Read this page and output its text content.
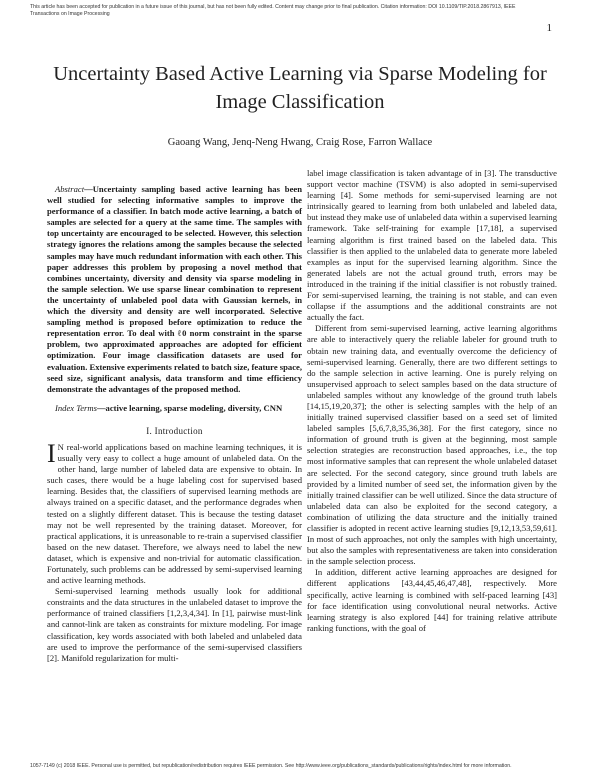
This article has been accepted for publication in a future issue of this journal, but has not been fully edited. Content may change prior to final publication. Citation information: DOI 10.1109/TIP.2018.2867913, IEEE
Transactions on Image Processing
1
Uncertainty Based Active Learning via Sparse Modeling for Image Classification
Gaoang Wang, Jenq-Neng Hwang, Craig Rose, Farron Wallace

Abstract—Uncertainty sampling based active learning has been well studied for selecting informative samples to improve the performance of a classifier. In batch mode active learning, a batch of samples are selected for a query at the same time. The samples with top uncertainty are encouraged to be selected. However, this selection strategy ignores the relations among the samples because the selected samples may have much redundant information with each other. This paper addresses this problem by proposing a novel method that combines uncertainty, diversity and density via sparse modeling in the sample selection. We use sparse linear combination to represent the uncertainty of unlabeled pool data with Gaussian kernels, in which the diversity and density are well incorporated. Selective sampling method is proposed before optimization to reduce the representation error. To deal with ℓ0 norm constraint in the sparse problem, two approximated approaches are adopted for efficient optimization. Four image classification datasets are used for evaluation. Extensive experiments related to batch size, feature space, seed size, significant analysis, data transform and time efficiency demonstrate the advantages of the proposed method.

Index Terms—active learning, sparse modeling, diversity, CNN

I. Introduction

I N real-world applications based on machine learning techniques, it is usually very easy to collect a huge amount of unlabeled data. On the other hand, large number of labeled data are expensive to obtain. In such cases, there would be a huge labeling cost for supervised based learning. Besides that, the classifiers of supervised learning methods are always trained on a specific dataset, and the performance degrades when tested on a slightly different dataset. This is because the testing dataset may not be well represented by the training dataset. Moreover, for practical applications, it is unreasonable to re-train a supervised classifier based on the new dataset. Therefore, we always need to label the new dataset, which is expensive and non-trivial for automatic classification. Fortunately, such problems can be addressed by semi-supervised learning and active learning methods.

Semi-supervised learning methods usually look for additional constraints and the data structures in the unlabeled dataset to improve the performance of trained classifiers [1,2,3,4,34]. In [1], pairwise must-link and cannot-link are taken as constraints for mixture modeling. For image classification, key words associated with both labeled and unlabeled data are used to improve the performance of the semi-supervised classifiers [2]. Manifold regularization for multi-

label image classification is taken advantage of in [3]. The transductive support vector machine (TSVM) is also adopted in semi-supervised learning [4]. Some methods for semi-supervised learning are not intrinsically geared to learning from both unlabeled and labeled data, but instead they make use of unlabeled data within a supervised learning framework. Take self-training for example [17,18], a supervised learning algorithm is first trained based on the labeled data. This classifier is then applied to the unlabeled data to generate more labeled examples as input for the supervised learning algorithm. Since the generated labels are not the actual ground truth, errors may be introduced in the training if the initial classifier is not robustly trained. For semi-supervised learning, the training is not stable, and can even collapse if the assumptions and the additional constraints are not actually the fact.

Different from semi-supervised learning, active learning algorithms are able to interactively query the reliable labeler for ground truth to obtain new training data, and eventually overcome the deficiency of semi-supervised learning. Generally, there are two different settings to do the sample selection in active learning. One is purely relying on unsupervised approach to select samples based on the data structure of unlabeled samples without any knowledge of the ground truth labels [14,15,19,20,37]; the other is selecting samples with the help of an initially trained supervised classifier based on a seed set of limited labeled samples [5,6,7,8,35,36,38]. For the first category, since no information of ground truth is given at the beginning, most sample selection strategies are reconstruction based approaches, i.e., the top most informative samples that can represent the whole unlabeled dataset are selected. For the second category, since ground truth labels are provided by a limited number of seed set, the information given by the initially trained classifier can be well utilized. Since the data structure of unlabeled data can also be exploited for the second category, a combination of utilizing the data structure and the initially trained classifier is adopted in recent active learning studies [9,12,13,53,59,61]. In most of such approaches, not only the samples with high uncertainty, but also the samples with representativeness are taken into consideration in the sample selection process.

In addition, different active learning approaches are designed for different applications [43,44,45,46,47,48], respectively. More specifically, active learning is combined with self-paced learning [43] for face identification using convolutional neural networks. Active learning strategy is also explored [44] for training relative attribute ranking functions, with the goal of

1057-7149 (c) 2018 IEEE. Personal use is permitted, but republication/redistribution requires IEEE permission. See http://www.ieee.org/publications_standards/publications/rights/index.html for more information.
